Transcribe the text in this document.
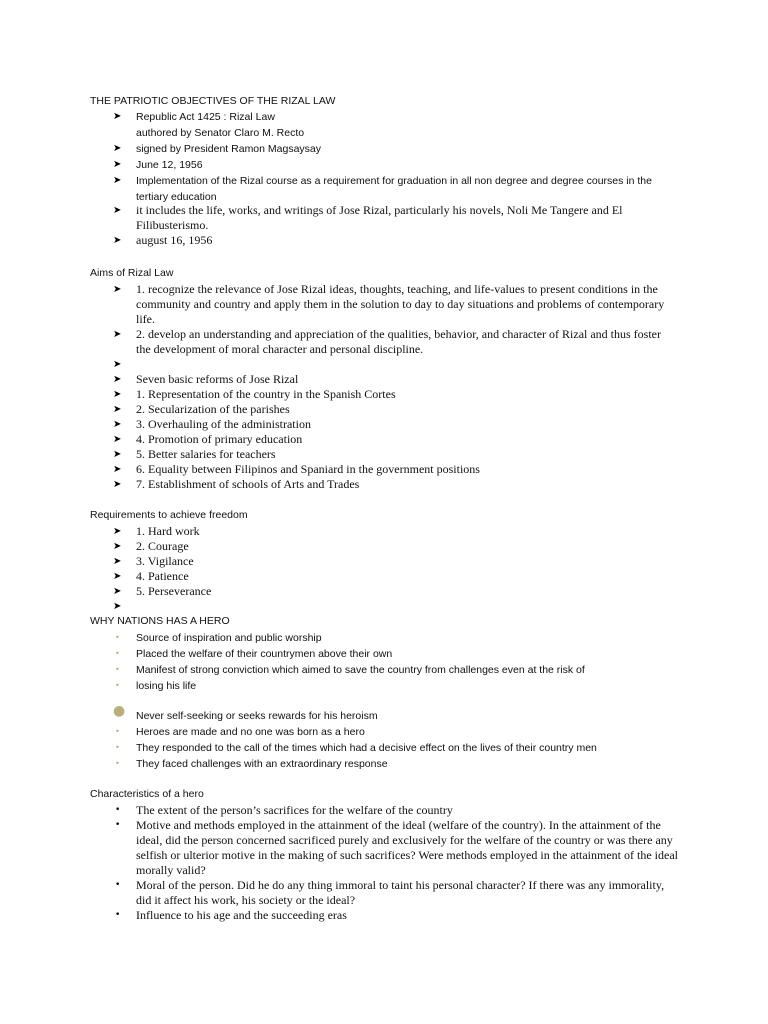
THE PATRIOTIC OBJECTIVES OF THE RIZAL LAW
➤ Republic Act 1425 : Rizal Law
authored by Senator Claro M. Recto
➤ signed by President Ramon Magsaysay
➤ June 12, 1956
➤ Implementation of the Rizal course as a requirement for graduation in all non degree and degree courses in the tertiary education
➤ it includes the life, works, and writings of Jose Rizal, particularly his novels, Noli Me Tangere and El Filibusterismo.
➤ august 16, 1956
Aims of Rizal Law
➤ 1. recognize the relevance of Jose Rizal ideas, thoughts, teaching, and life-values to present conditions in the community and country and apply them in the solution to day to day situations and problems of contemporary life.
➤ 2. develop an understanding and appreciation of the qualities, behavior, and character of Rizal and thus foster the development of moral character and personal discipline.
➤
➤ Seven basic reforms of Jose Rizal
➤ 1. Representation of the country in the Spanish Cortes
➤ 2. Secularization of the parishes
➤ 3. Overhauling of the administration
➤ 4. Promotion of primary education
➤ 5. Better salaries for teachers
➤ 6. Equality between Filipinos and Spaniard in the government positions
➤ 7. Establishment of schools of Arts and Trades
Requirements to achieve freedom
➤ 1. Hard work
➤ 2. Courage
➤ 3. Vigilance
➤ 4. Patience
➤ 5. Perseverance
➤
WHY NATIONS HAS A HERO
• Source of inspiration and public worship
• Placed the welfare of their countrymen above their own
• Manifest of strong conviction which aimed to save the country from challenges even at the risk of
• losing his life
● Never self-seeking or seeks rewards for his heroism
• Heroes are made and no one was born as a hero
• They responded to the call of the times which had a decisive effect on the lives of their country men
• They faced challenges with an extraordinary response
Characteristics of a hero
• The extent of the person’s sacrifices for the welfare of the country
• Motive and methods employed in the attainment of the ideal (welfare of the country). In the attainment of the ideal, did the person concerned sacrificed purely and exclusively for the welfare of the country or was there any selfish or ulterior motive in the making of such sacrifices? Were methods employed in the attainment of the ideal morally valid?
• Moral of the person. Did he do any thing immoral to taint his personal character? If there was any immorality, did it affect his work, his society or the ideal?
• Influence to his age and the succeeding eras
